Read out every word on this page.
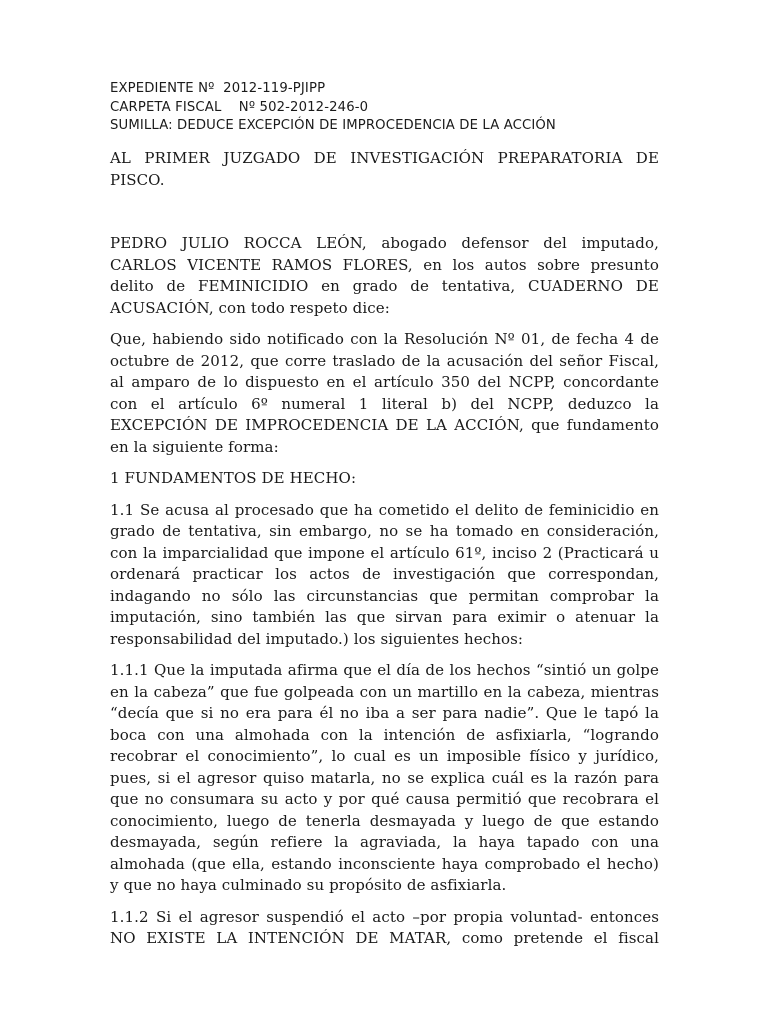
EXPEDIENTE Nº  2012-119-PJIPP
CARPETA FISCAL    Nº 502-2012-246-0
SUMILLA: DEDUCE EXCEPCIÓN DE IMPROCEDENCIA DE LA ACCIÓN

AL PRIMER JUZGADO DE INVESTIGACIÓN PREPARATORIA DE PISCO.

PEDRO JULIO ROCCA LEÓN, abogado defensor del imputado, CARLOS VICENTE RAMOS FLORES, en los autos sobre presunto delito de FEMINICIDIO en grado de tentativa, CUADERNO DE ACUSACIÓN, con todo respeto dice:

Que, habiendo sido notificado con la Resolución Nº 01, de fecha 4 de octubre de 2012, que corre traslado de la acusación del señor Fiscal, al amparo de lo dispuesto en el artículo 350 del NCPP, concordante con el artículo 6º numeral 1 literal b) del NCPP, deduzco la EXCEPCIÓN DE IMPROCEDENCIA DE LA ACCIÓN, que fundamento en la siguiente forma:

1 FUNDAMENTOS DE HECHO:

1.1 Se acusa al procesado que ha cometido el delito de feminicidio en grado de tentativa, sin embargo, no se ha tomado en consideración, con la imparcialidad que impone el artículo 61º, inciso 2 (Practicará u ordenará practicar los actos de investigación que correspondan, indagando no sólo las circunstancias que permitan comprobar la imputación, sino también las que sirvan para eximir o atenuar la responsabilidad del imputado.) los siguientes hechos:

1.1.1 Que la imputada afirma que el día de los hechos “sintió un golpe en la cabeza” que fue golpeada con un martillo en la cabeza, mientras “decía que si no era para él no iba a ser para nadie”. Que le tapó la boca con una almohada con la intención de asfixiarla, “logrando recobrar el conocimiento”, lo cual es un imposible físico y jurídico, pues, si el agresor quiso matarla, no se explica cuál es la razón para que no consumara su acto y por qué causa permitió que recobrara el conocimiento, luego de tenerla desmayada y luego de que estando desmayada, según refiere la agraviada, la haya tapado con una almohada (que ella, estando inconsciente haya comprobado el hecho) y que no haya culminado su propósito de asfixiarla.

1.1.2 Si el agresor suspendió el acto –por propia voluntad- entonces NO EXISTE LA INTENCIÓN DE MATAR, como pretende el fiscal
